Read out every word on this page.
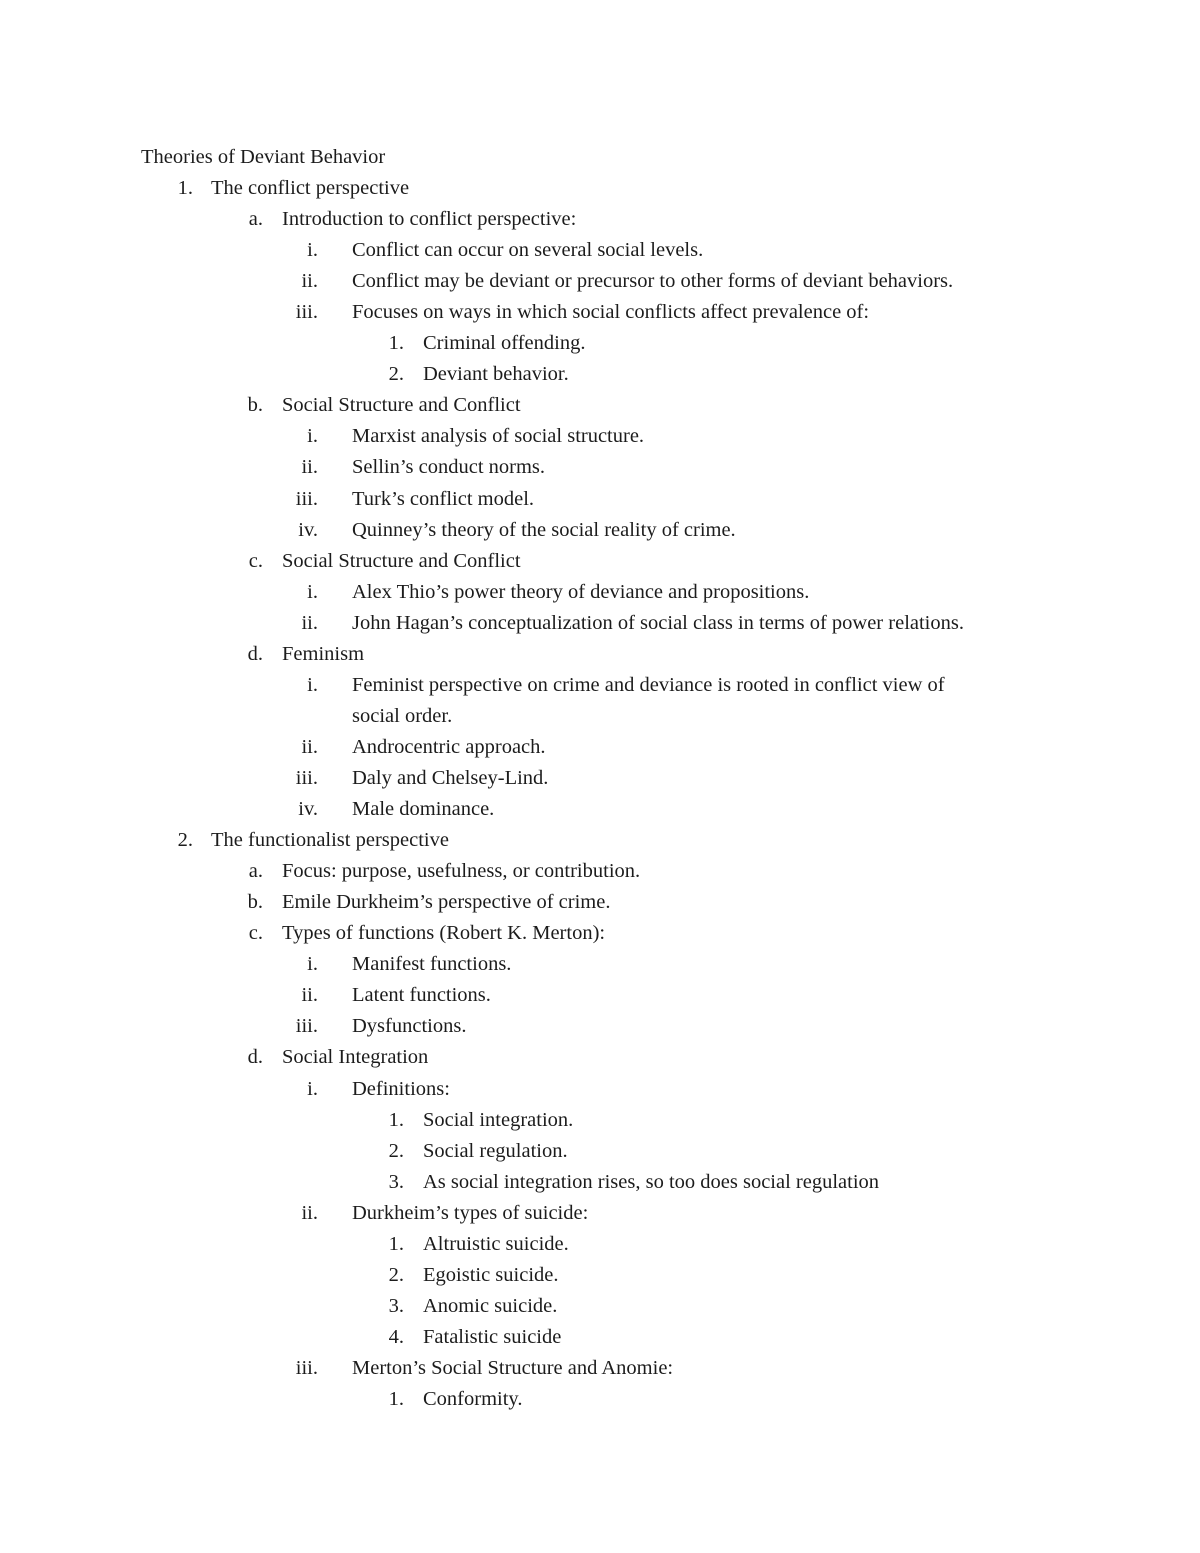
Theories of Deviant Behavior
1. The conflict perspective
a. Introduction to conflict perspective:
i. Conflict can occur on several social levels.
ii. Conflict may be deviant or precursor to other forms of deviant behaviors.
iii. Focuses on ways in which social conflicts affect prevalence of:
1. Criminal offending.
2. Deviant behavior.
b. Social Structure and Conflict
i. Marxist analysis of social structure.
ii. Sellin’s conduct norms.
iii. Turk’s conflict model.
iv. Quinney’s theory of the social reality of crime.
c. Social Structure and Conflict
i. Alex Thio’s power theory of deviance and propositions.
ii. John Hagan’s conceptualization of social class in terms of power relations.
d. Feminism
i. Feminist perspective on crime and deviance is rooted in conflict view of
social order.
ii. Androcentric approach.
iii. Daly and Chelsey-Lind.
iv. Male dominance.
2. The functionalist perspective
a. Focus: purpose, usefulness, or contribution.
b. Emile Durkheim’s perspective of crime.
c. Types of functions (Robert K. Merton):
i. Manifest functions.
ii. Latent functions.
iii. Dysfunctions.
d. Social Integration
i. Definitions:
1. Social integration.
2. Social regulation.
3. As social integration rises, so too does social regulation
ii. Durkheim’s types of suicide:
1. Altruistic suicide.
2. Egoistic suicide.
3. Anomic suicide.
4. Fatalistic suicide
iii. Merton’s Social Structure and Anomie:
1. Conformity.
